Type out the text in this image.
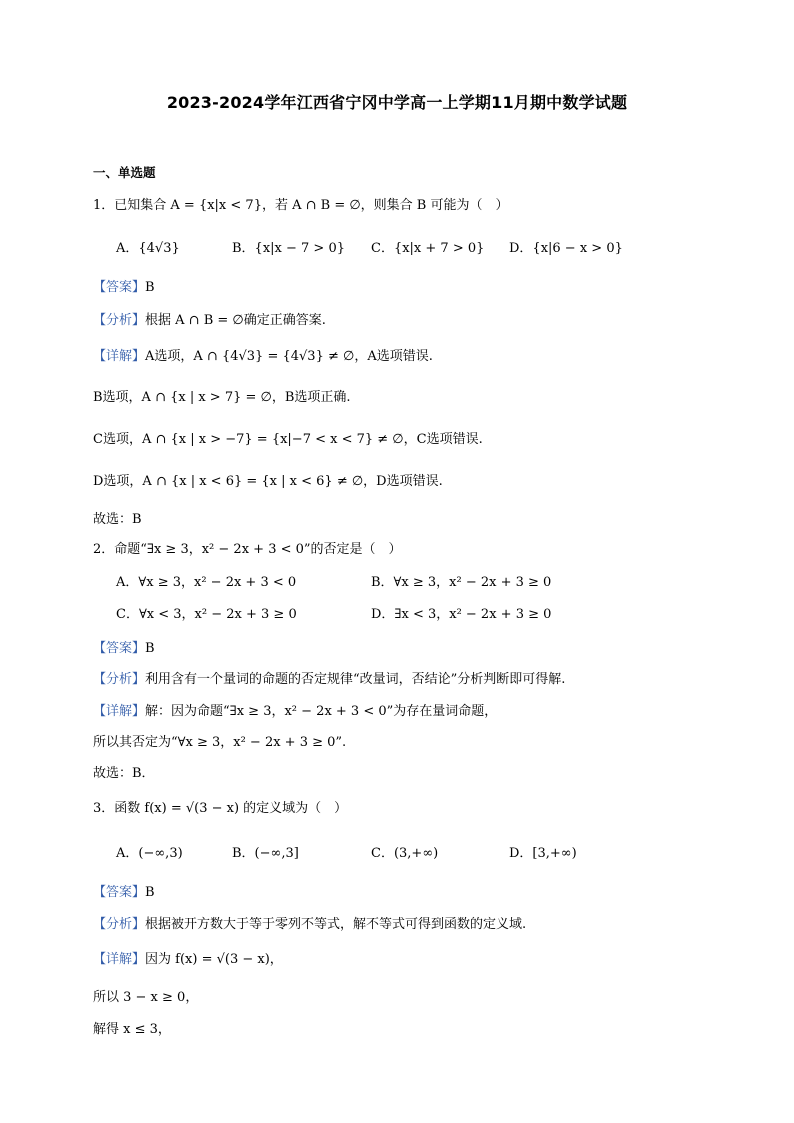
2023-2024学年江西省宁冈中学高一上学期11月期中数学试题
一、单选题
1．已知集合 A = {x|x < 7}，若 A ∩ B = ∅，则集合 B 可能为（　）
A．{4√3}	B．{x|x − 7 > 0} C．{x|x + 7 > 0} D．{x|6 − x > 0}
【答案】B
【分析】根据 A ∩ B = ∅确定正确答案.
【详解】A选项，A ∩ {4√3} = {4√3} ≠ ∅，A选项错误.
B选项，A ∩ {x | x > 7} = ∅，B选项正确.
C选项，A ∩ {x | x > −7} = {x|−7 < x < 7} ≠ ∅，C选项错误.
D选项，A ∩ {x | x < 6} = {x | x < 6} ≠ ∅，D选项错误.
故选：B
2．命题“∃x ≥ 3，x² − 2x + 3 < 0”的否定是（　）
A．∀x ≥ 3，x² − 2x + 3 < 0	B．∀x ≥ 3，x² − 2x + 3 ≥ 0
C．∀x < 3，x² − 2x + 3 ≥ 0	D．∃x < 3，x² − 2x + 3 ≥ 0
【答案】B
【分析】利用含有一个量词的命题的否定规律“改量词，否结论”分析判断即可得解.
【详解】解：因为命题“∃x ≥ 3，x² − 2x + 3 < 0”为存在量词命题，
所以其否定为“∀x ≥ 3，x² − 2x + 3 ≥ 0”.
故选：B．
3．函数 f(x) = √(3 − x) 的定义域为（　）
A．(−∞,3)	B．(−∞,3]	C．(3,+∞)	D．[3,+∞)
【答案】B
【分析】根据被开方数大于等于零列不等式，解不等式可得到函数的定义域.
【详解】因为 f(x) = √(3 − x)，
所以 3 − x ≥ 0，
解得 x ≤ 3，
